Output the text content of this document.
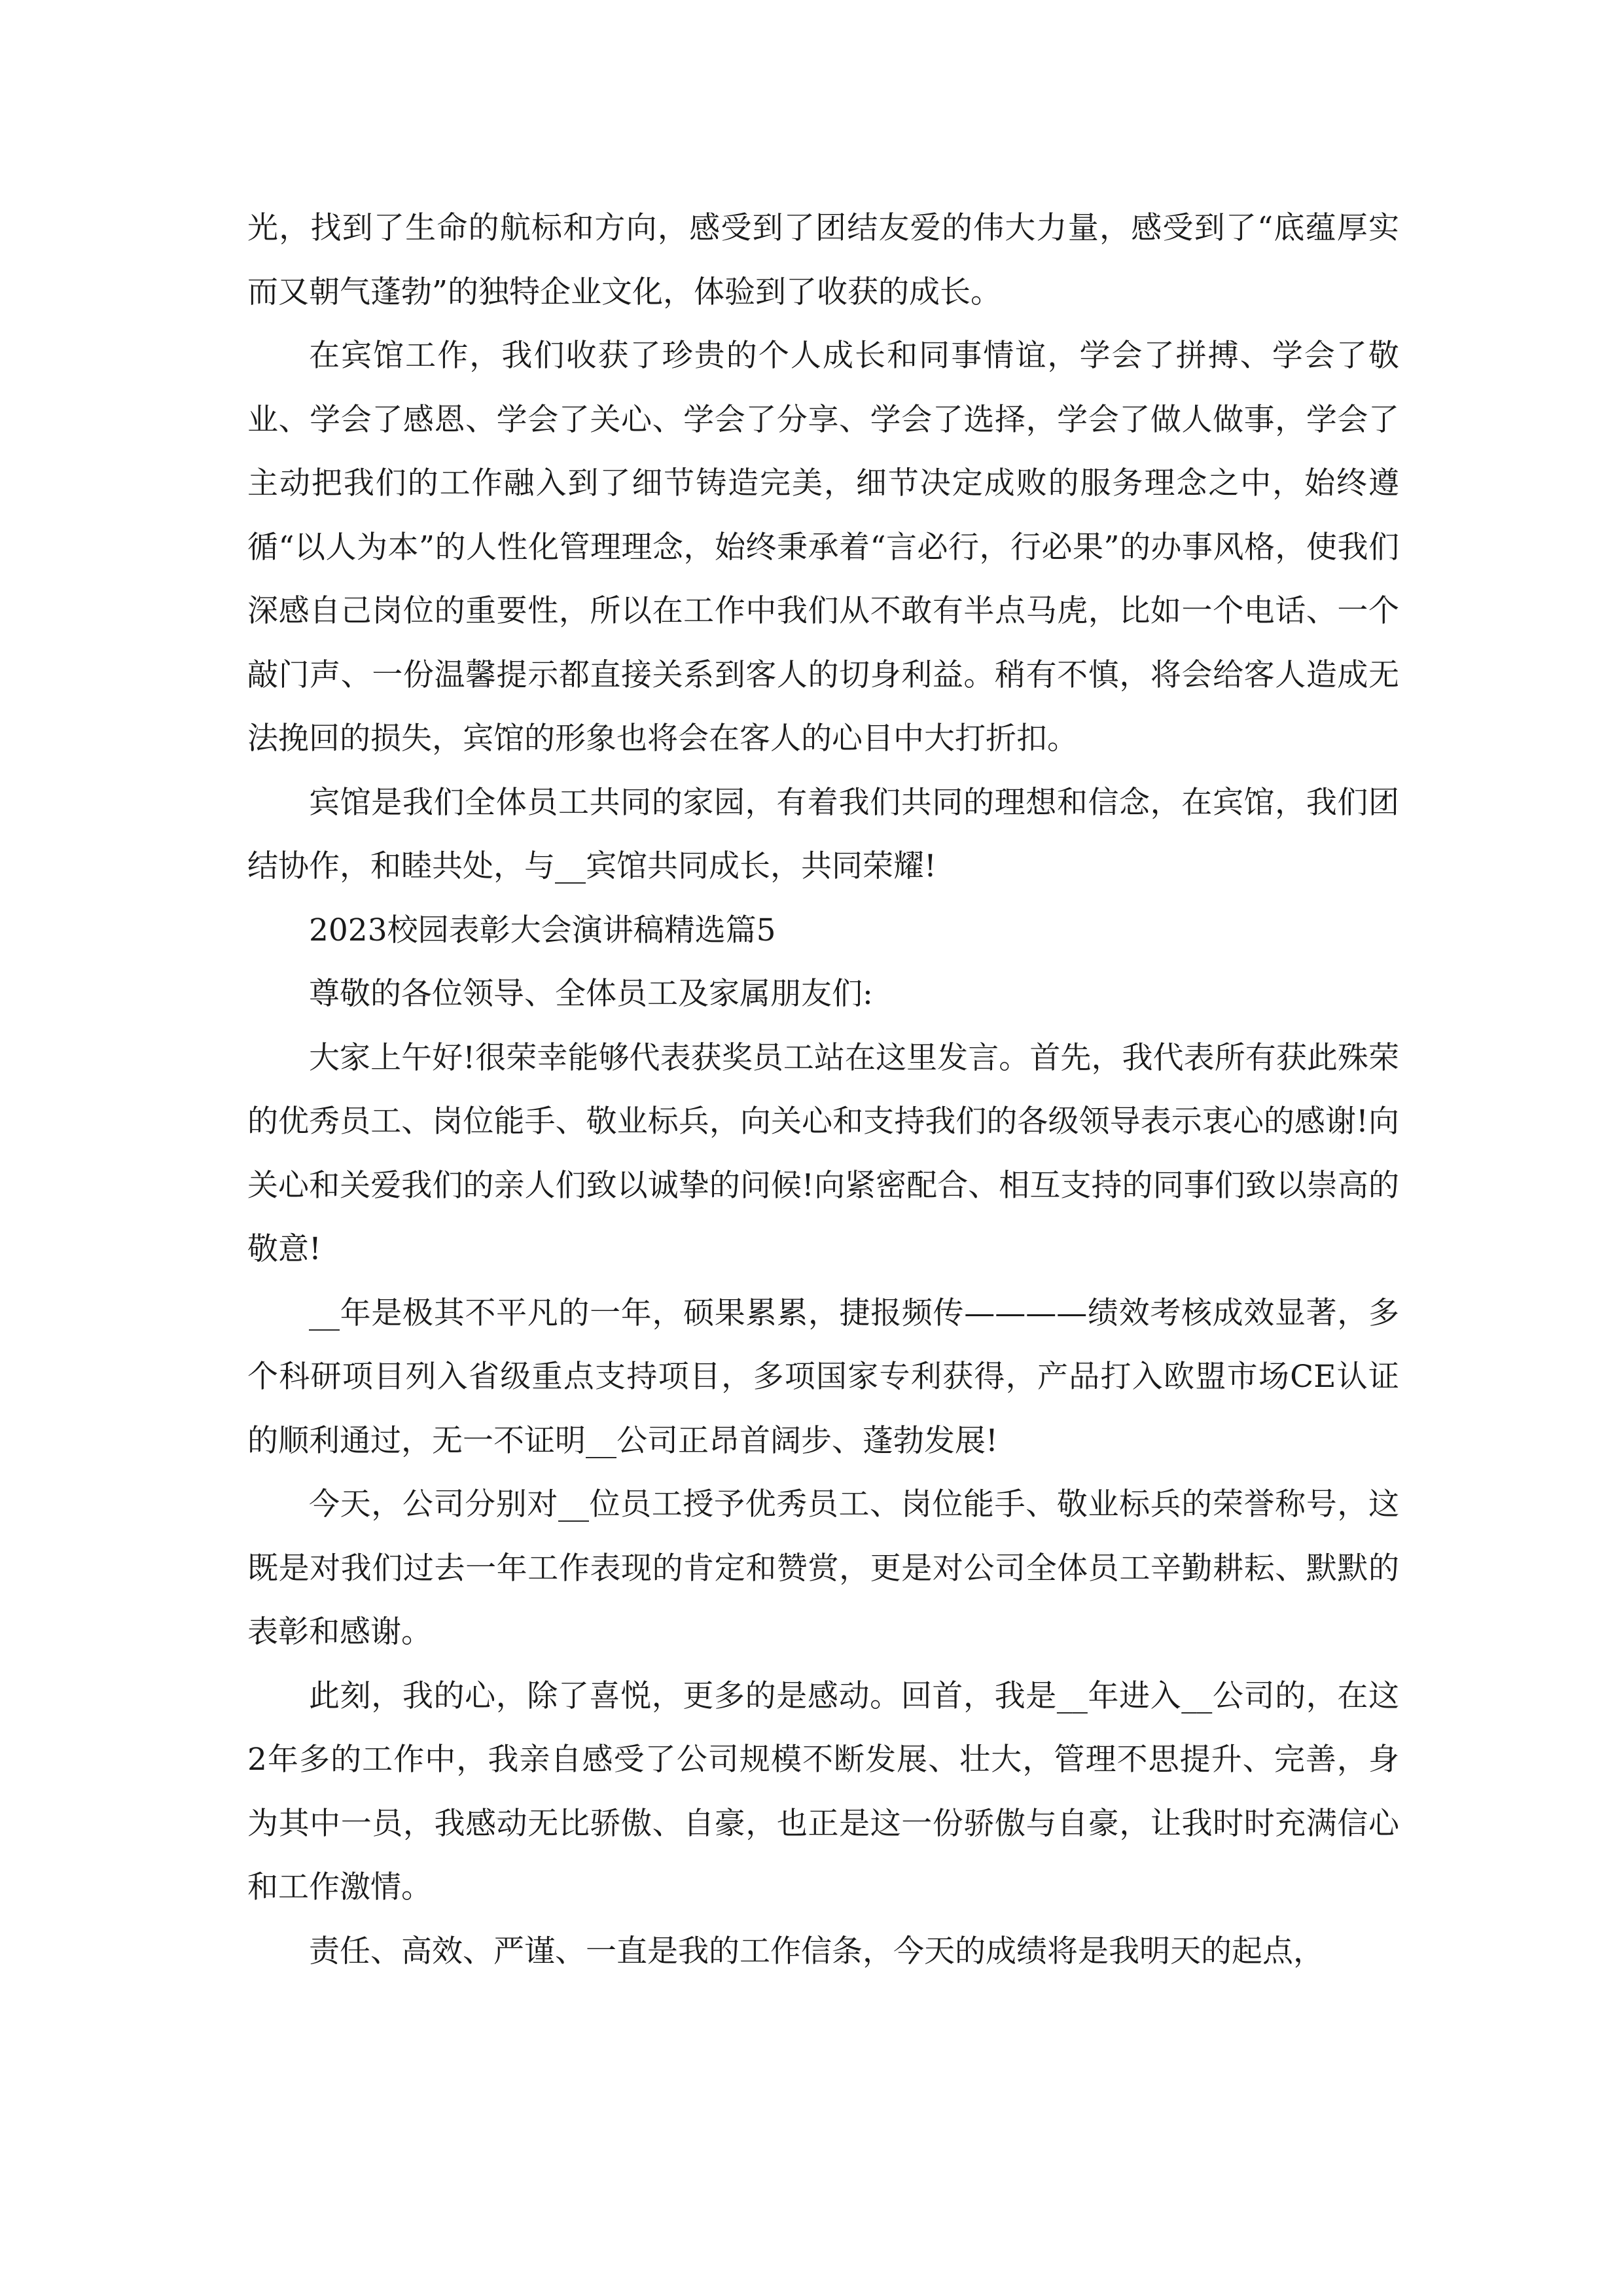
光，找到了生命的航标和方向，感受到了团结友爱的伟大力量，感受到了“底蕴厚实而又朝气蓬勃”的独特企业文化，体验到了收获的成长。

在宾馆工作，我们收获了珍贵的个人成长和同事情谊，学会了拼搏、学会了敬业、学会了感恩、学会了关心、学会了分享、学会了选择，学会了做人做事，学会了主动把我们的工作融入到了细节铸造完美，细节决定成败的服务理念之中，始终遵循“以人为本”的人性化管理理念，始终秉承着“言必行，行必果”的办事风格，使我们深感自己岗位的重要性，所以在工作中我们从不敢有半点马虎，比如一个电话、一个敲门声、一份温馨提示都直接关系到客人的切身利益。稍有不慎，将会给客人造成无法挽回的损失，宾馆的形象也将会在客人的心目中大打折扣。

宾馆是我们全体员工共同的家园，有着我们共同的理想和信念，在宾馆，我们团结协作，和睦共处，与__宾馆共同成长，共同荣耀!

2023校园表彰大会演讲稿精选篇5

尊敬的各位领导、全体员工及家属朋友们:

大家上午好!很荣幸能够代表获奖员工站在这里发言。首先，我代表所有获此殊荣的优秀员工、岗位能手、敬业标兵，向关心和支持我们的各级领导表示衷心的感谢!向关心和关爱我们的亲人们致以诚挚的问候!向紧密配合、相互支持的同事们致以崇高的敬意!

__年是极其不平凡的一年，硕果累累，捷报频传————绩效考核成效显著，多个科研项目列入省级重点支持项目，多项国家专利获得，产品打入欧盟市场CE认证的顺利通过，无一不证明__公司正昂首阔步、蓬勃发展!

今天，公司分别对__位员工授予优秀员工、岗位能手、敬业标兵的荣誉称号，这既是对我们过去一年工作表现的肯定和赞赏，更是对公司全体员工辛勤耕耘、默默的表彰和感谢。

此刻，我的心，除了喜悦，更多的是感动。回首，我是__年进入__公司的，在这2年多的工作中，我亲自感受了公司规模不断发展、壮大，管理不思提升、完善，身为其中一员，我感动无比骄傲、自豪，也正是这一份骄傲与自豪，让我时时充满信心和工作激情。

责任、高效、严谨、一直是我的工作信条，今天的成绩将是我明天的起点，
